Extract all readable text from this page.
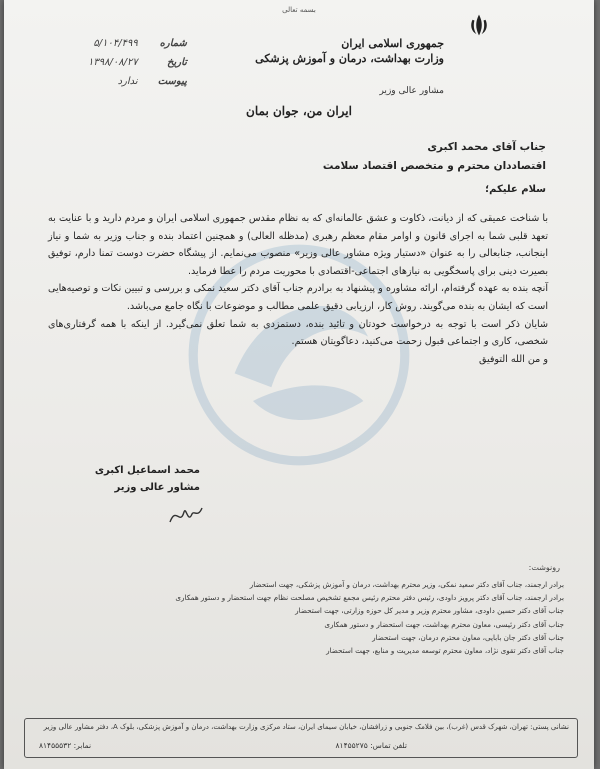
بسمه تعالی
جمهوری اسلامی ایران
وزارت بهداشت، درمان و آموزش پزشکی
مشاور عالی وزیر
شماره ۵/۱۰۴/۴۹۹
تاریخ ۱۳۹۸/۰۸/۲۷
پیوست ندارد
ایران من، جوان بمان
جناب آقای محمد اکبری
اقتصاددان محترم و متخصص اقتصاد سلامت
سلام علیکم؛

با شناخت عمیقی که از دیانت، ذکاوت و عشق عالمانه‌ای که به نظام مقدس جمهوری اسلامی ایران و مردم دارید و با عنایت به تعهد قلبی شما به اجرای قانون و اوامر مقام معظم رهبری (مدظله العالی) و همچنین اعتماد بنده و جناب وزیر به شما و نیاز اینجانب، جنابعالی را به عنوان «دستیار ویژه مشاور عالی وزیر» منصوب می‌نمایم. از پیشگاه حضرت دوست تمنا دارم، توفیق بصیرت دینی برای پاسخگویی به نیازهای اجتماعی-اقتصادی با محوریت مردم را عطا فرماید.

آنچه بنده به عهده گرفته‌ام، ارائه مشاوره و پیشنهاد به برادرم جناب آقای دکتر سعید نمکی و بررسی و تبیین نکات و توصیه‌هایی است که ایشان به بنده می‌گویند. روش کار، ارزیابی دقیق علمی مطالب و موضوعات با نگاه جامع می‌باشد.

شایان ذکر است با توجه به درخواست خودتان و تائید بنده، دستمزدی به شما تعلق نمی‌گیرد. از اینکه با همه گرفتاری‌های شخصی، کاری و اجتماعی قبول زحمت می‌کنید، دعاگویتان هستم.

و من الله التوفیق

محمد اسماعیل اکبری
مشاور عالی وزیر
رونوشت:
برادر ارجمند، جناب آقای دکتر سعید نمکی، وزیر محترم بهداشت، درمان و آموزش پزشکی، جهت استحضار
برادر ارجمند، جناب آقای دکتر پرویز داودی، رئیس دفتر محترم رئیس مجمع تشخیص مصلحت نظام جهت استحضار و دستور همکاری
جناب آقای دکتر حسین داودی، مشاور محترم وزیر و مدیر کل حوزه وزارتی، جهت استحضار
جناب آقای دکتر رئیسی، معاون محترم بهداشت، جهت استحضار و دستور همکاری
جناب آقای دکتر جان بابایی، معاون محترم درمان، جهت استحضار
جناب آقای دکتر تقوی نژاد، معاون محترم توسعه مدیریت و منابع، جهت استحضار
نشانی پستی: تهران، شهرک قدس (غرب)، بین فلامک جنوبی و زرافشان، خیابان سیمای ایران، ستاد مرکزی وزارت بهداشت، درمان و آموزش پزشکی، بلوک A، دفتر مشاور عالی وزیر
تلفن تماس: ۸۱۴۵۵۲۷۵
نمابر: ۸۱۴۵۵۵۳۲
